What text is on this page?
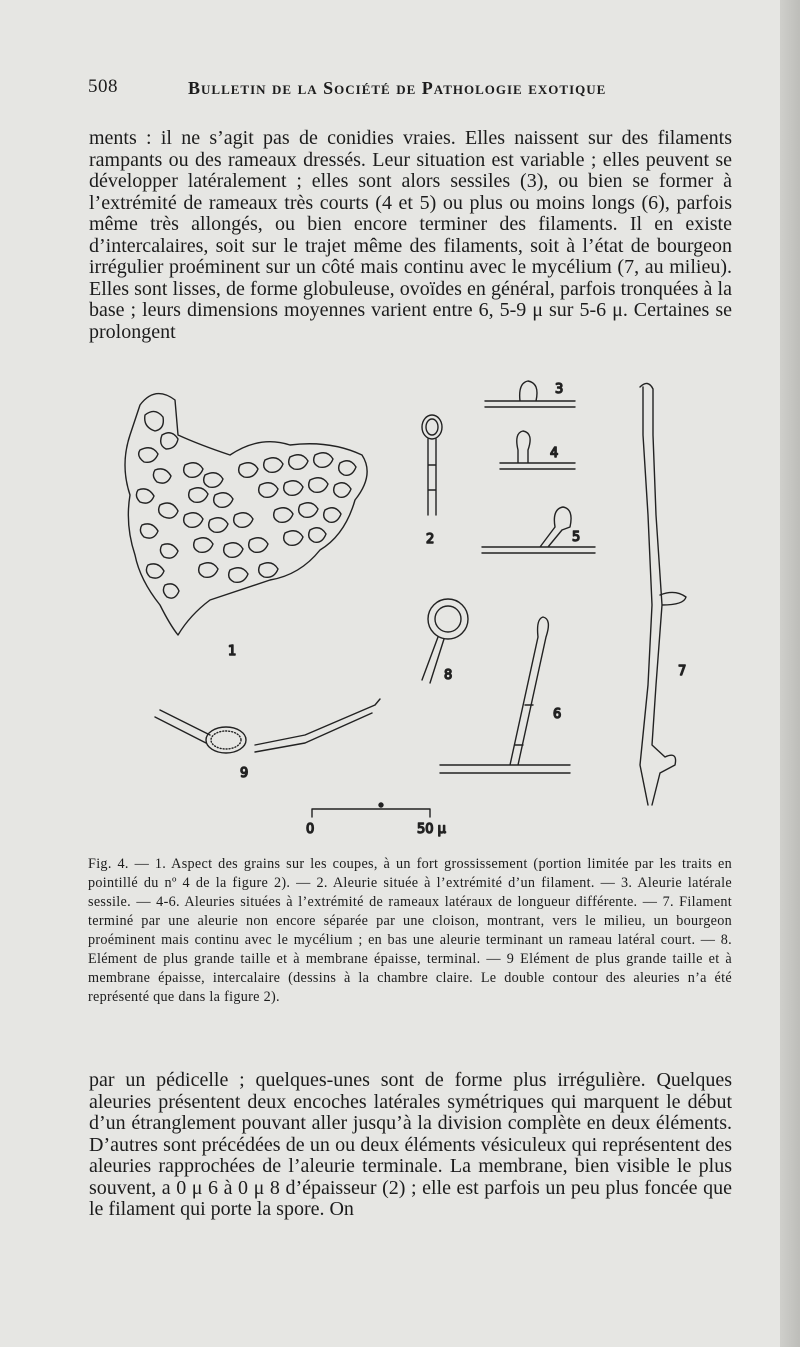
508	Bulletin de la Société de Pathologie exotique
ments : il ne s’agit pas de conidies vraies. Elles naissent sur des filaments rampants ou des rameaux dressés. Leur situation est variable ; elles peuvent se développer latéralement ; elles sont alors sessiles (3), ou bien se former à l’extrémité de rameaux très courts (4 et 5) ou plus ou moins longs (6), parfois même très allongés, ou bien encore terminer des filaments. Il en existe d’intercalaires, soit sur le trajet même des filaments, soit à l’état de bourgeon irrégulier proéminent sur un côté mais continu avec le mycélium (7, au milieu). Elles sont lisses, de forme globuleuse, ovoïdes en général, parfois tronquées à la base ; leurs dimensions moyennes varient entre 6, 5-9 μ sur 5-6 μ. Certaines se prolongent
1
2
3
4
5
6
7
8
9
0	50 μ
Fig. 4. — 1. Aspect des grains sur les coupes, à un fort grossissement (portion limitée par les traits en pointillé du nº 4 de la figure 2). — 2. Aleurie située à l’extrémité d’un filament. — 3. Aleurie latérale sessile. — 4-6. Aleuries situées à l’extrémité de rameaux latéraux de longueur différente. — 7. Filament terminé par une aleurie non encore séparée par une cloison, montrant, vers le milieu, un bourgeon proéminent mais continu avec le mycélium ; en bas une aleurie terminant un rameau latéral court. — 8. Elément de plus grande taille et à membrane épaisse, terminal. — 9 Elément de plus grande taille et à membrane épaisse, intercalaire (dessins à la chambre claire. Le double contour des aleuries n’a été représenté que dans la figure 2).
par un pédicelle ; quelques-unes sont de forme plus irrégulière. Quelques aleuries présentent deux encoches latérales symétriques qui marquent le début d’un étranglement pouvant aller jusqu’à la division complète en deux éléments. D’autres sont précédées de un ou deux éléments vésiculeux qui représentent des aleuries rapprochées de l’aleurie terminale. La membrane, bien visible le plus souvent, a 0 μ 6 à 0 μ 8 d’épaisseur (2) ; elle est parfois un peu plus foncée que le filament qui porte la spore. On
